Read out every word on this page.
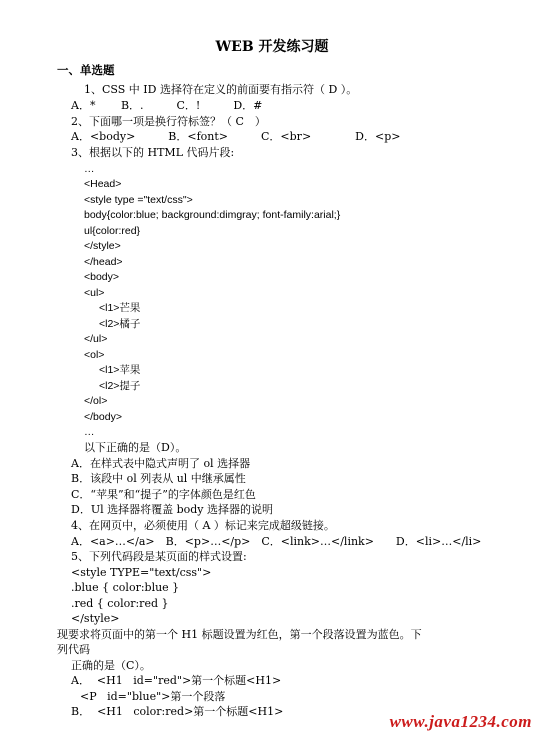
WEB 开发练习题
一、单选题
1、CSS 中 ID 选择符在定义的前面要有指示符（ D ）。
A．*　　 B．.　　　C．!　　　D．#
2、下面哪一项是换行符标签？（ C　）
A．<body>　　　B．<font>　　　C．<br>　　　　D．<p>
3、根据以下的 HTML 代码片段:
…
<Head>
<style type ="text/css">
body{color:blue; background:dimgray; font-family:arial;}
ul{color:red}
</style>
</head>
<body>
<ul>
<l1>芒果
<l2>橘子
</ul>
<ol>
<l1>苹果
<l2>提子
</ol>
</body>
…
以下正确的是（D）。
A．在样式表中隐式声明了 ol 选择器
B．该段中 ol 列表从 ul 中继承属性
C．“苹果”和“提子”的字体颜色是红色
D．Ul 选择器将覆盖 body 选择器的说明
4、在网页中，必须使用（ A ）标记来完成超级链接。
A．<a>…</a>　B．<p>…</p>　C．<link>…</link>　　D．<li>…</li>
5、下列代码段是某页面的样式设置:
<style TYPE="text/css">
.blue { color:blue }
.red { color:red }
</style>
现要求将页面中的第一个 H1 标题设置为红色，第一个段落设置为蓝色。下
列代码
正确的是（C）。
A．  <H1   id="red">第一个标题<H1>
<P   id="blue">第一个段落
B．  <H1   color:red>第一个标题<H1>
www.java1234.com
